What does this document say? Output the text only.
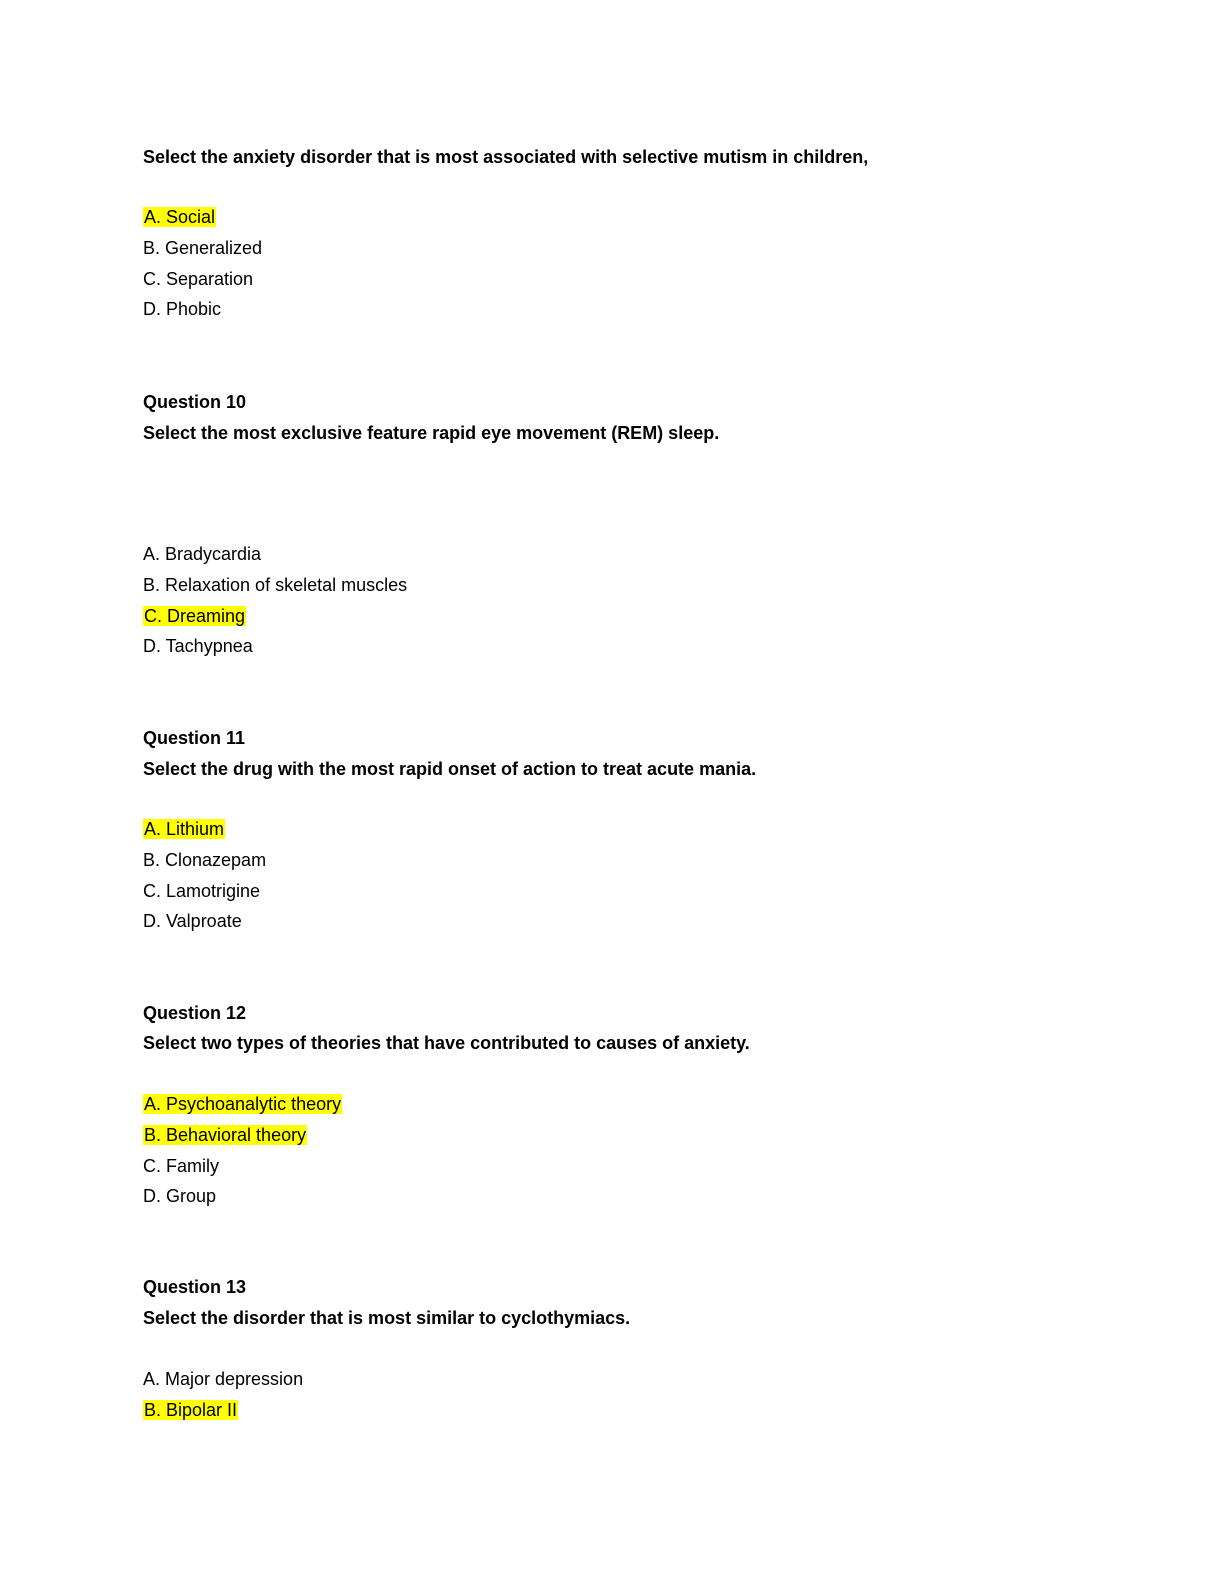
Select the anxiety disorder that is most associated with selective mutism in children,
A. Social
B. Generalized
C. Separation
D. Phobic
Question 10
Select the most exclusive feature rapid eye movement (REM) sleep.
A. Bradycardia
B. Relaxation of skeletal muscles
C. Dreaming
D. Tachypnea
Question 11
Select the drug with the most rapid onset of action to treat acute mania.
A. Lithium
B. Clonazepam
C. Lamotrigine
D. Valproate
Question 12
Select two types of theories that have contributed to causes of anxiety.
A. Psychoanalytic theory
B. Behavioral theory
C. Family
D. Group
Question 13
Select the disorder that is most similar to cyclothymiacs.
A. Major depression
B. Bipolar II
